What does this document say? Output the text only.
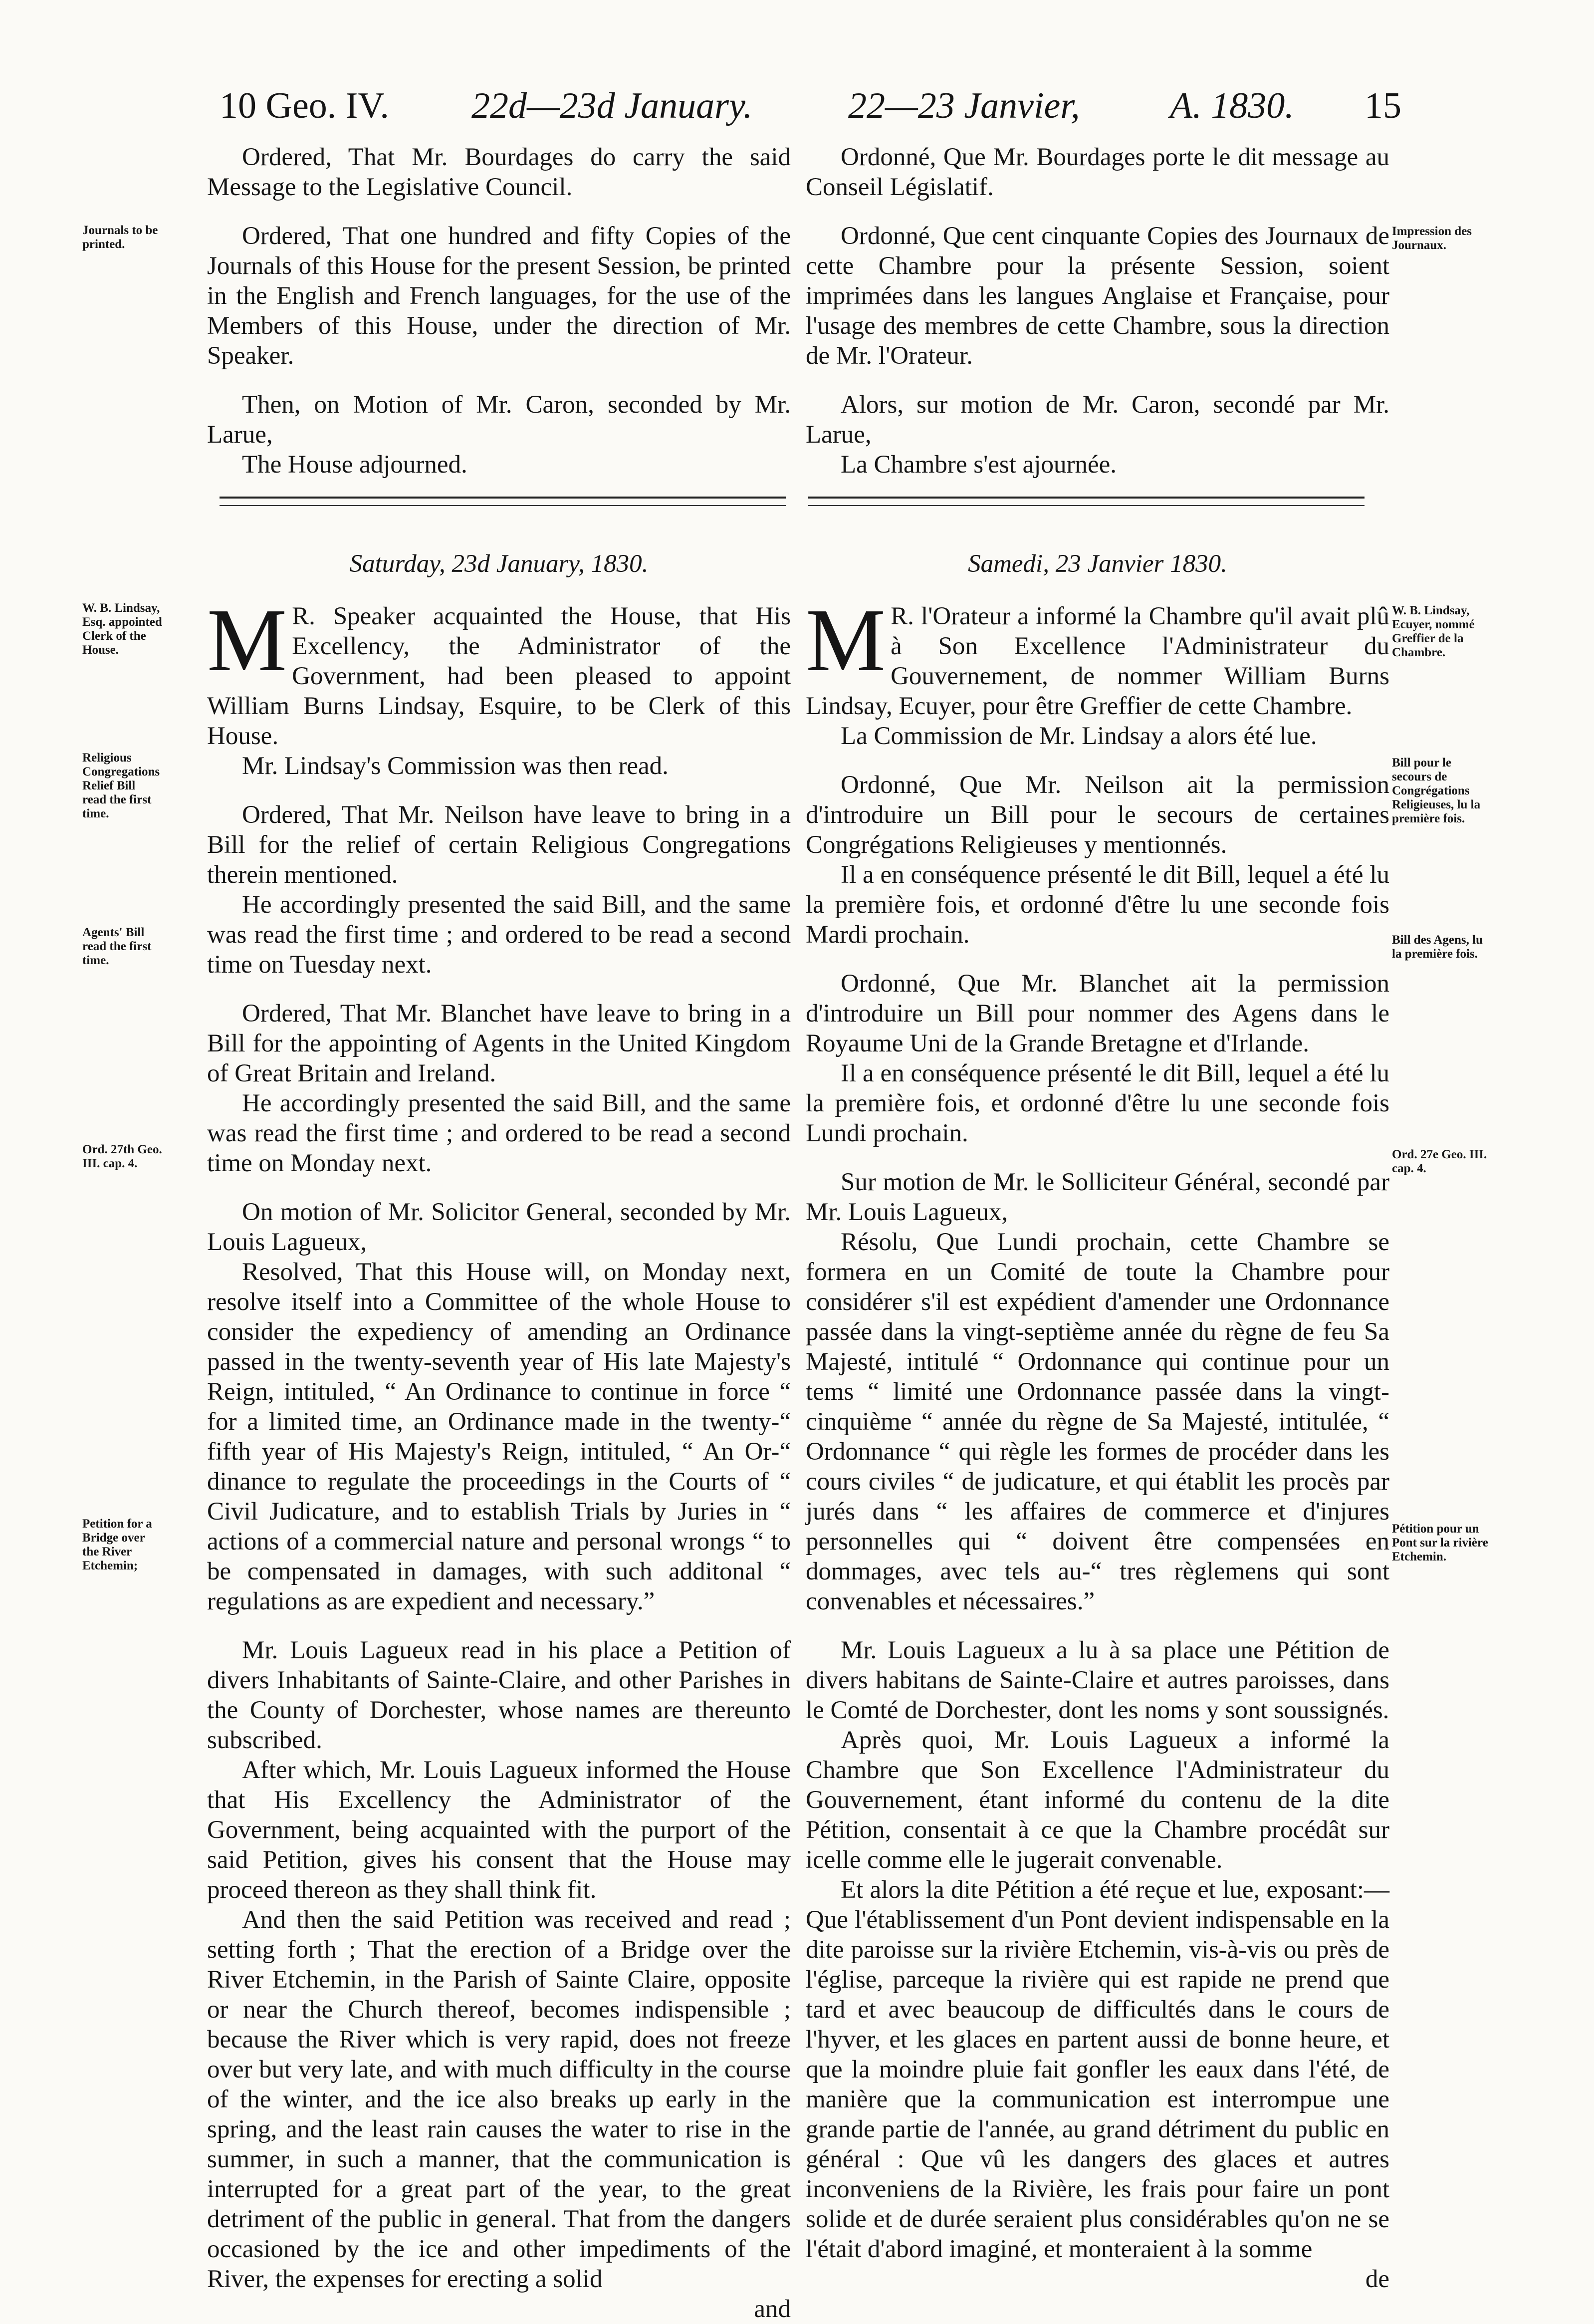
10 Geo. IV. 22d—23d January.	22—23 Janvier, A. 1830. 15

Ordered, That Mr. Bourdages do carry the said Message to the Legislative Council.

Ordered, That one hundred and fifty Copies of the Journals of this House for the present Session, be printed in the English and French languages, for the use of the Members of this House, under the direction of Mr. Speaker.

Then, on Motion of Mr. Caron, seconded by Mr. Larue,

The House adjourned.

Ordonné, Que Mr. Bourdages porte le dit message au Conseil Législatif.

Ordonné, Que cent cinquante Copies des Journaux de cette Chambre pour la présente Session, soient imprimées dans les langues Anglaise et Française, pour l'usage des membres de cette Chambre, sous la direction de Mr. l'Orateur.

Alors, sur motion de Mr. Caron, secondé par Mr. Larue,

La Chambre s'est ajournée.

Saturday, 23d January, 1830.

M R. Speaker acquainted the House, that His Excellency, the Administrator of the Government, had been pleased to appoint William Burns Lindsay, Esquire, to be Clerk of this House.

Mr. Lindsay's Commission was then read.

Ordered, That Mr. Neilson have leave to bring in a Bill for the relief of certain Religious Congregations therein mentioned.

He accordingly presented the said Bill, and the same was read the first time ; and ordered to be read a second time on Tuesday next.

Ordered, That Mr. Blanchet have leave to bring in a Bill for the appointing of Agents in the United Kingdom of Great Britain and Ireland.

He accordingly presented the said Bill, and the same was read the first time ; and ordered to be read a second time on Monday next.

On motion of Mr. Solicitor General, seconded by Mr. Louis Lagueux,

Resolved, That this House will, on Monday next, resolve itself into a Committee of the whole House to consider the expediency of amending an Ordinance passed in the twenty-seventh year of His late Majesty's Reign, intituled, “ An Ordinance to continue in force “ for a limited time, an Ordinance made in the twenty-“ fifth year of His Majesty's Reign, intituled, “ An Or-“ dinance to regulate the proceedings in the Courts of “ Civil Judicature, and to establish Trials by Juries in “ actions of a commercial nature and personal wrongs “ to be compensated in damages, with such additonal “ regulations as are expedient and necessary.”

Mr. Louis Lagueux read in his place a Petition of divers Inhabitants of Sainte-Claire, and other Parishes in the County of Dorchester, whose names are thereunto subscribed.

After which, Mr. Louis Lagueux informed the House that His Excellency the Administrator of the Government, being acquainted with the purport of the said Petition, gives his consent that the House may proceed thereon as they shall think fit.

And then the said Petition was received and read ; setting forth ; That the erection of a Bridge over the River Etchemin, in the Parish of Sainte Claire, opposite or near the Church thereof, becomes indispensible ; because the River which is very rapid, does not freeze over but very late, and with much difficulty in the course of the winter, and the ice also breaks up early in the spring, and the least rain causes the water to rise in the summer, in such a manner, that the communication is interrupted for a great part of the year, to the great detriment of the public in general. That from the dangers occasioned by the ice and other impediments of the River, the expenses for erecting a solid

and

Samedi, 23 Janvier 1830.

M R. l'Orateur a informé la Chambre qu'il avait plû à Son Excellence l'Administrateur du Gouvernement, de nommer William Burns Lindsay, Ecuyer, pour être Greffier de cette Chambre.

La Commission de Mr. Lindsay a alors été lue.

Ordonné, Que Mr. Neilson ait la permission d'introduire un Bill pour le secours de certaines Congrégations Religieuses y mentionnés.

Il a en conséquence présenté le dit Bill, lequel a été lu la première fois, et ordonné d'être lu une seconde fois Mardi prochain.

Ordonné, Que Mr. Blanchet ait la permission d'introduire un Bill pour nommer des Agens dans le Royaume Uni de la Grande Bretagne et d'Irlande.

Il a en conséquence présenté le dit Bill, lequel a été lu la première fois, et ordonné d'être lu une seconde fois Lundi prochain.

Sur motion de Mr. le Solliciteur Général, secondé par Mr. Louis Lagueux,

Résolu, Que Lundi prochain, cette Chambre se formera en un Comité de toute la Chambre pour considérer s'il est expédient d'amender une Ordonnance passée dans la vingt-septième année du règne de feu Sa Majesté, intitulé “ Ordonnance qui continue pour un tems “ limité une Ordonnance passée dans la vingt-cinquième “ année du règne de Sa Majesté, intitulée, “ Ordonnance “ qui règle les formes de procéder dans les cours civiles “ de judicature, et qui établit les procès par jurés dans “ les affaires de commerce et d'injures personnelles qui “ doivent être compensées en dommages, avec tels au-“ tres règlemens qui sont convenables et nécessaires.”

Mr. Louis Lagueux a lu à sa place une Pétition de divers habitans de Sainte-Claire et autres paroisses, dans le Comté de Dorchester, dont les noms y sont soussignés.

Après quoi, Mr. Louis Lagueux a informé la Chambre que Son Excellence l'Administrateur du Gouvernement, étant informé du contenu de la dite Pétition, consentait à ce que la Chambre procédât sur icelle comme elle le jugerait convenable.

Et alors la dite Pétition a été reçue et lue, exposant:— Que l'établissement d'un Pont devient indispensable en la dite paroisse sur la rivière Etchemin, vis-à-vis ou près de l'église, parceque la rivière qui est rapide ne prend que tard et avec beaucoup de difficultés dans le cours de l'hyver, et les glaces en partent aussi de bonne heure, et que la moindre pluie fait gonfler les eaux dans l'été, de manière que la communication est interrompue une grande partie de l'année, au grand détriment du public en général : Que vû les dangers des glaces et autres inconveniens de la Rivière, les frais pour faire un pont solide et de durée seraient plus considérables qu'on ne se l'était d'abord imaginé, et monteraient à la somme

de

Journals to be printed.
W. B. Lindsay, Esq. appointed Clerk of the House.
Religious Congregations Relief Bill read the first time.
Agents' Bill read the first time.
Ord. 27th Geo. III. cap. 4.
Petition for a Bridge over the River Etchemin;
Impression des Journaux.
W. B. Lindsay, Ecuyer, nommé Greffier de la Chambre.
Bill pour le secours de Congrégations Religieuses, lu la première fois.
Bill des Agens, lu la première fois.
Ord. 27e Geo. III. cap. 4.
Pétition pour un Pont sur la rivière Etchemin.
